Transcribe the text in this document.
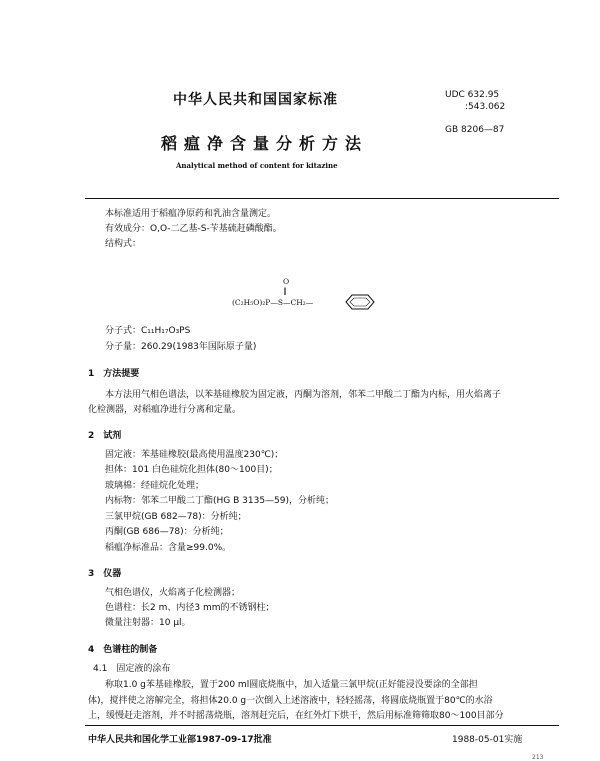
中华人民共和国国家标准	UDC 632.95
:543.062
稻瘟净含量分析方法
GB 8206—87
Analytical method of content for kitazine
本标准适用于稻瘟净原药和乳油含量测定。
有效成分：O,O-二乙基-S-苄基硫赶磷酸酯。
结构式：
O
‖
(C₂H₅O)₂P—S—CH₂—
分子式：C₁₁H₁₇O₃PS
分子量：260.29(1983年国际原子量)
1　方法提要
本方法用气相色谱法，以苯基硅橡胶为固定液，丙酮为溶剂，邻苯二甲酸二丁酯为内标，用火焰离子
化检测器，对稻瘟净进行分离和定量。
2　试剂
固定液：苯基硅橡胶(最高使用温度230℃)；
担体：101 白色硅烷化担体(80～100目)；
玻璃棉：经硅烷化处理；
内标物：邻苯二甲酸二丁酯(HG B 3135—59)，分析纯；
三氯甲烷(GB 682—78)：分析纯；
丙酮(GB 686—78)：分析纯；
稻瘟净标准品：含量≥99.0%。
3　仪器
气相色谱仪，火焰离子化检测器；
色谱柱：长2 m、内径3 mm的不锈钢柱；
微量注射器：10 μl。
4　色谱柱的制备
4.1　固定液的涂布
称取1.0 g苯基硅橡胶，置于200 ml圆底烧瓶中，加入适量三氯甲烷(正好能浸没要涂的全部担
体)，搅拌使之溶解完全，将担体20.0 g一次倒入上述溶液中，轻轻摇荡，将圆底烧瓶置于80℃的水浴
上，缓慢赶走溶剂，并不时摇荡烧瓶，溶剂赶完后，在红外灯下烘干，然后用标准筛筛取80～100目部分
中华人民共和国化学工业部1987-09-17批准	1988-05-01实施
213
